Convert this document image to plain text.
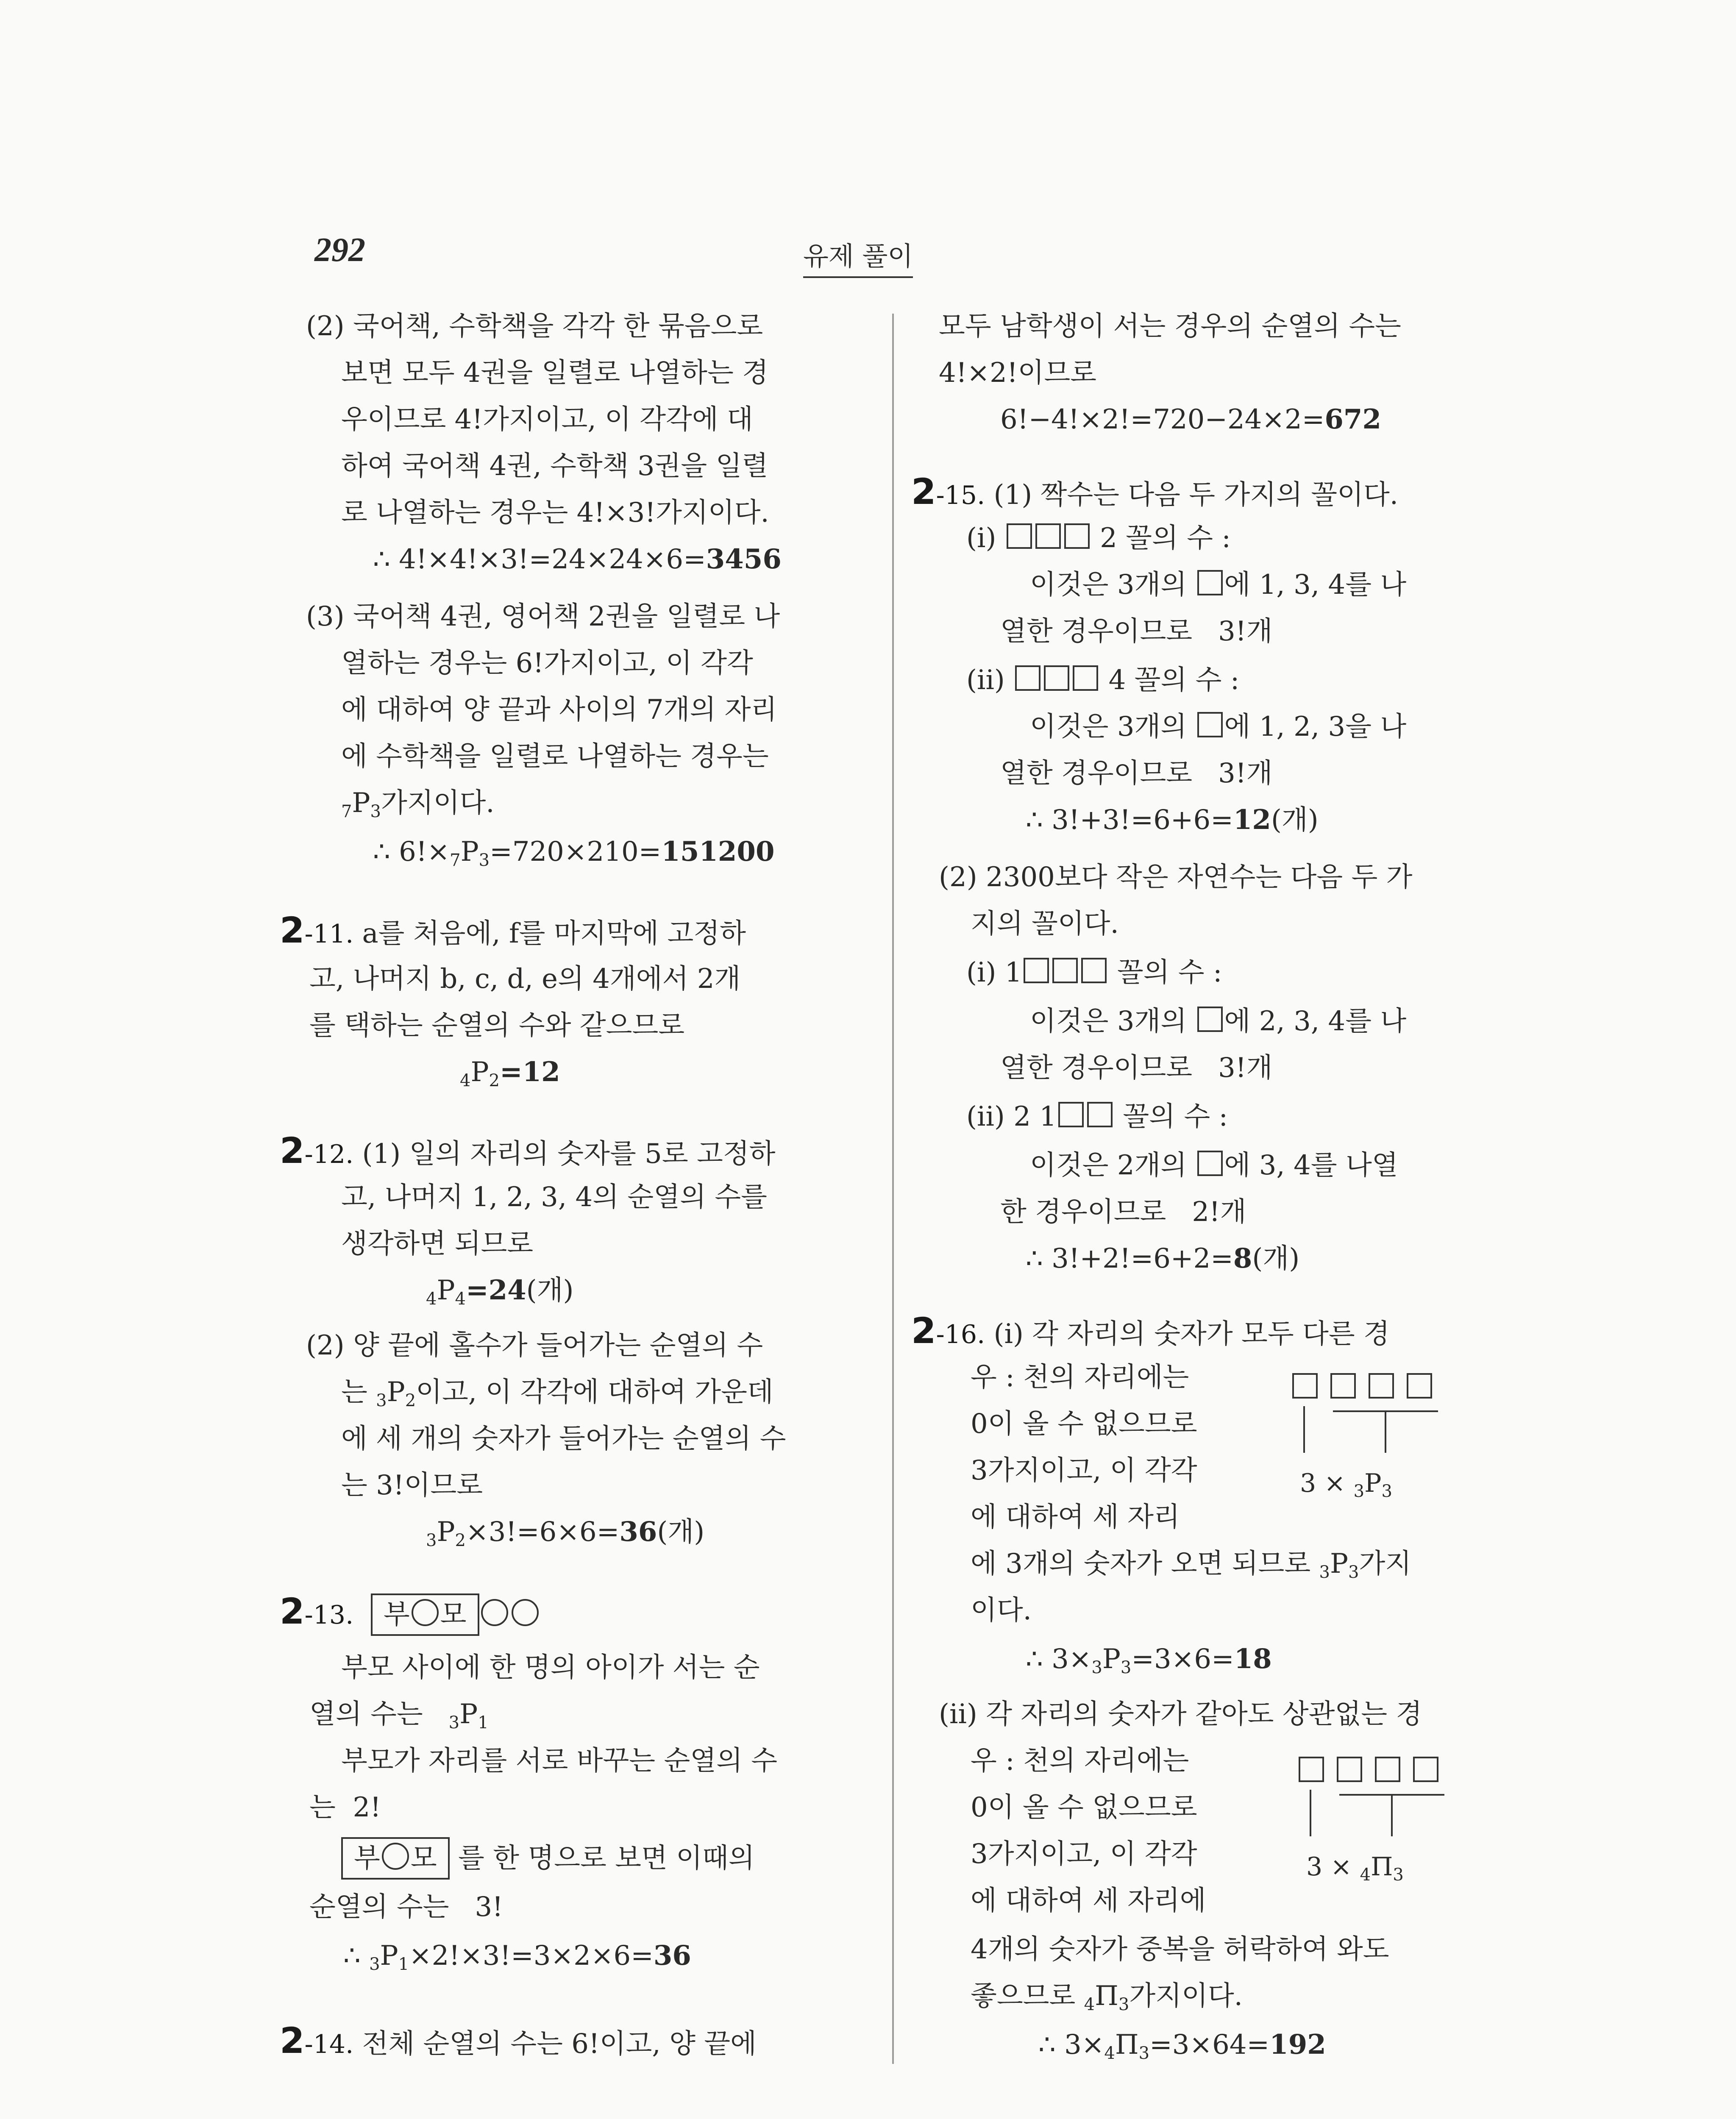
292	유제 풀이
(2) 국어책, 수학책을 각각 한 묶음으로
보면 모두 4권을 일렬로 나열하는 경
우이므로 4!가지이고, 이 각각에 대
하여 국어책 4권, 수학책 3권을 일렬
로 나열하는 경우는 4!×3!가지이다.
∴ 4!×4!×3!=24×24×6=3456
(3) 국어책 4권, 영어책 2권을 일렬로 나
열하는 경우는 6!가지이고, 이 각각
에 대하여 양 끝과 사이의 7개의 자리
에 수학책을 일렬로 나열하는 경우는
$_7P_3$가지이다.
∴ $6!\times_7P_3=720\times 210=151200$
2-11. a를 처음에, f를 마지막에 고정하
고, 나머지 b, c, d, e의 4개에서 2개
를 택하는 순열의 수와 같으므로
$_4P_2=12$
2-12. (1) 일의 자리의 숫자를 5로 고정하
고, 나머지 1, 2, 3, 4의 순열의 수를
생각하면 되므로
$_4P_4=24$(개)
(2) 양 끝에 홀수가 들어가는 순열의 수
는 $_3P_2$이고, 이 각각에 대하여 가운데
에 세 개의 숫자가 들어가는 순열의 수
는 3!이므로
$_3P_2\times 3!=6\times 6=36$(개)
2-13. 부 모
부모 사이에 한 명의 아이가 서는 순
열의 수는 $_3P_1$
부모가 자리를 서로 바꾸는 순열의 수
는  2!
부 모 를 한 명으로 보면 이때의
순열의 수는   3!
∴ $_3P_1\times 2!\times 3!=3\times 2\times 6=36$
2-14. 전체 순열의 수는 6!이고, 양 끝에
모두 남학생이 서는 경우의 순열의 수는
4!×2!이므로
6!−4!×2!=720−24×2=672
2-15. (1) 짝수는 다음 두 가지의 꼴이다.
(i)	2 꼴의 수 :
이것은 3개의 에 1, 3, 4를 나
열한 경우이므로   3!개
(ii)	4 꼴의 수 :
이것은 3개의 에 1, 2, 3을 나
열한 경우이므로   3!개
∴ 3!+3!=6+6=12(개)
(2) 2300보다 작은 자연수는 다음 두 가
지의 꼴이다.
(i) 1	꼴의 수 :
이것은 3개의 에 2, 3, 4를 나
열한 경우이므로   3!개
(ii) 2 1 꼴의 수 :
이것은 2개의 에 3, 4를 나열
한 경우이므로   2!개
∴ 3!+2!=6+2=8(개)
2-16. (i) 각 자리의 숫자가 모두 다른 경
우 : 천의 자리에는
0이 올 수 없으므로
3가지이고, 이 각각
에 대하여 세 자리
$3 \times _3P_3$
에 3개의 숫자가 오면 되므로 $_3P_3$가지
이다.
∴ $3\times_3P_3=3\times 6=18$
(ii) 각 자리의 숫자가 같아도 상관없는 경
우 : 천의 자리에는
0이 올 수 없으므로
3가지이고, 이 각각
에 대하여 세 자리에
$3 \times _4\Pi_3$
4개의 숫자가 중복을 허락하여 와도
좋으므로 $_4\Pi_3$가지이다.
∴ $3\times_4\Pi_3=3\times 64=192$
